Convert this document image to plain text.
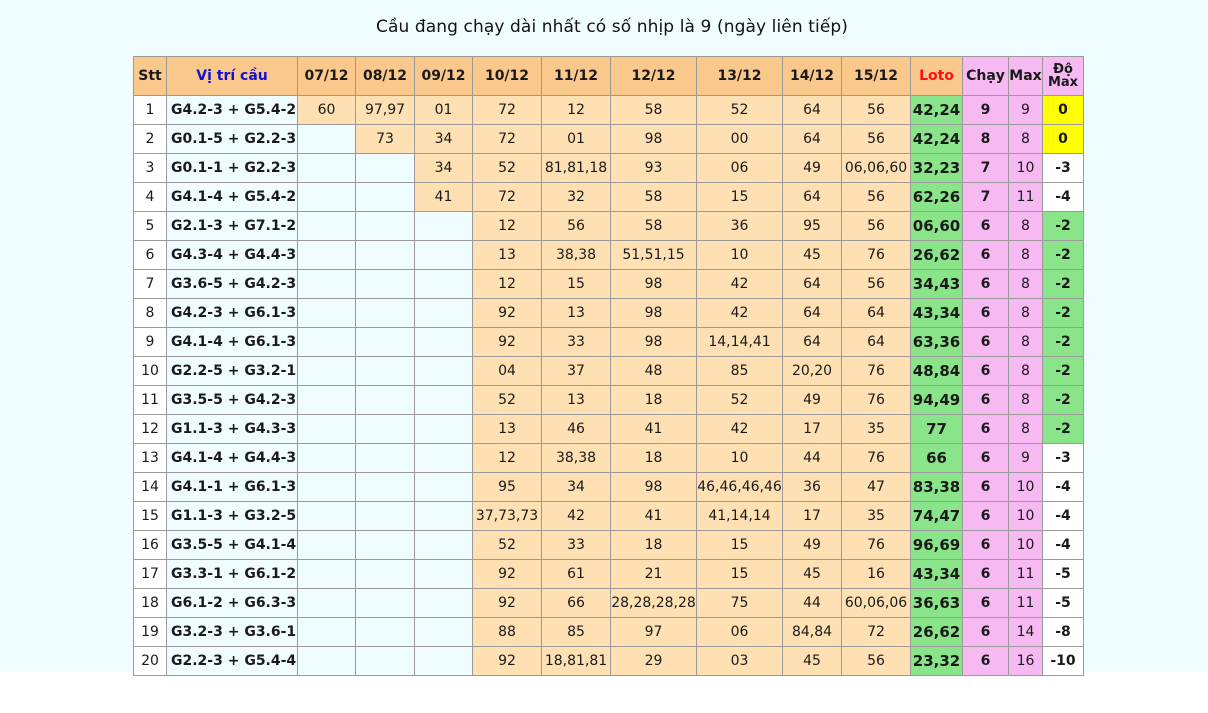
Cầu đang chạy dài nhất có số nhịp là 9 (ngày liên tiếp)
Stt	Vị trí cầu	07/12	08/12	09/12	10/12	11/12	12/12	13/12	14/12	15/12	Loto	Chạy	Max	Độ
Max
1	G4.2-3 + G5.4-2	60	97,97	01	72	12	58	52	64	56	42,24	9	9	0
2	G0.1-5 + G2.2-3		73	34	72	01	98	00	64	56	42,24	8	8	0
3	G0.1-1 + G2.2-3			34	52	81,81,18	93	06	49	06,06,60	32,23	7	10	-3
4	G4.1-4 + G5.4-2			41	72	32	58	15	64	56	62,26	7	11	-4
5	G2.1-3 + G7.1-2				12	56	58	36	95	56	06,60	6	8	-2
6	G4.3-4 + G4.4-3				13	38,38	51,51,15	10	45	76	26,62	6	8	-2
7	G3.6-5 + G4.2-3				12	15	98	42	64	56	34,43	6	8	-2
8	G4.2-3 + G6.1-3				92	13	98	42	64	64	43,34	6	8	-2
9	G4.1-4 + G6.1-3				92	33	98	14,14,41	64	64	63,36	6	8	-2
10	G2.2-5 + G3.2-1				04	37	48	85	20,20	76	48,84	6	8	-2
11	G3.5-5 + G4.2-3				52	13	18	52	49	76	94,49	6	8	-2
12	G1.1-3 + G4.3-3				13	46	41	42	17	35	77	6	8	-2
13	G4.1-4 + G4.4-3				12	38,38	18	10	44	76	66	6	9	-3
14	G4.1-1 + G6.1-3				95	34	98	46,46,46,46	36	47	83,38	6	10	-4
15	G1.1-3 + G3.2-5				37,73,73	42	41	41,14,14	17	35	74,47	6	10	-4
16	G3.5-5 + G4.1-4				52	33	18	15	49	76	96,69	6	10	-4
17	G3.3-1 + G6.1-2				92	61	21	15	45	16	43,34	6	11	-5
18	G6.1-2 + G6.3-3				92	66	28,28,28,28	75	44	60,06,06	36,63	6	11	-5
19	G3.2-3 + G3.6-1				88	85	97	06	84,84	72	26,62	6	14	-8
20	G2.2-3 + G5.4-4				92	18,81,81	29	03	45	56	23,32	6	16	-10
